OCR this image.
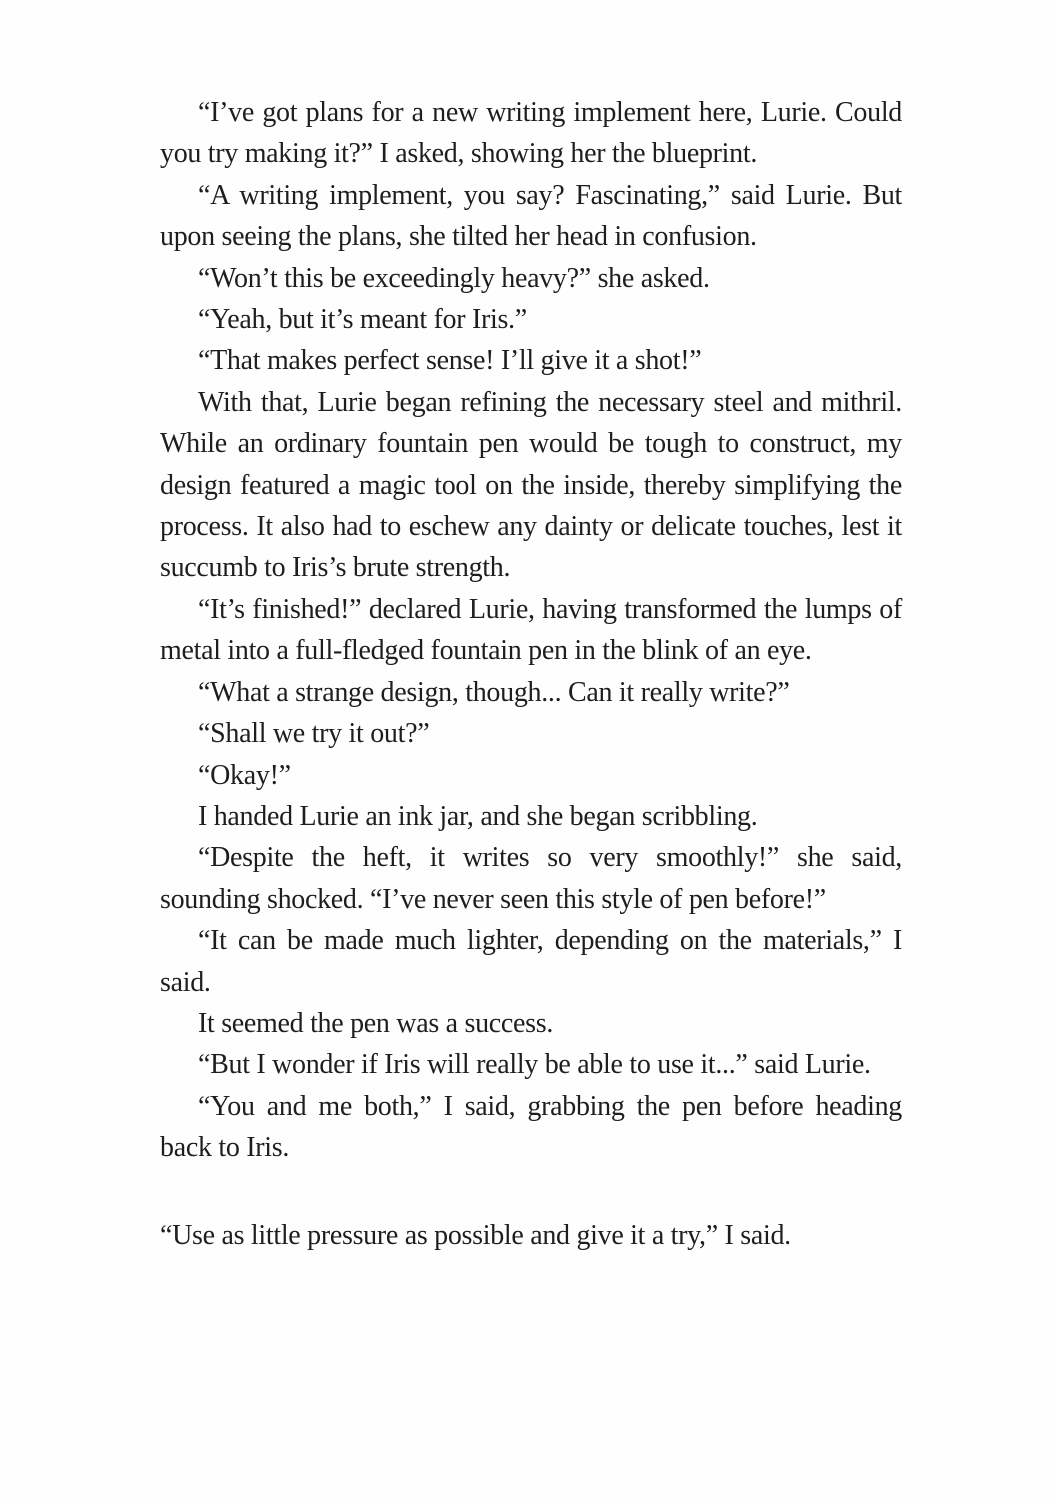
“I’ve got plans for a new writing implement here, Lurie. Could you try making it?” I asked, showing her the blueprint.

“A writing implement, you say? Fascinating,” said Lurie. But upon seeing the plans, she tilted her head in confusion.

“Won’t this be exceedingly heavy?” she asked.

“Yeah, but it’s meant for Iris.”

“That makes perfect sense! I’ll give it a shot!”

With that, Lurie began refining the necessary steel and mithril. While an ordinary fountain pen would be tough to construct, my design featured a magic tool on the inside, thereby simplifying the process. It also had to eschew any dainty or delicate touches, lest it succumb to Iris’s brute strength.

“It’s finished!” declared Lurie, having transformed the lumps of metal into a full-fledged fountain pen in the blink of an eye.

“What a strange design, though... Can it really write?”

“Shall we try it out?”

“Okay!”

I handed Lurie an ink jar, and she began scribbling.

“Despite the heft, it writes so very smoothly!” she said, sounding shocked. “I’ve never seen this style of pen before!”

“It can be made much lighter, depending on the materials,” I said.

It seemed the pen was a success.

“But I wonder if Iris will really be able to use it...” said Lurie.

“You and me both,” I said, grabbing the pen before heading back to Iris.

“Use as little pressure as possible and give it a try,” I said.
